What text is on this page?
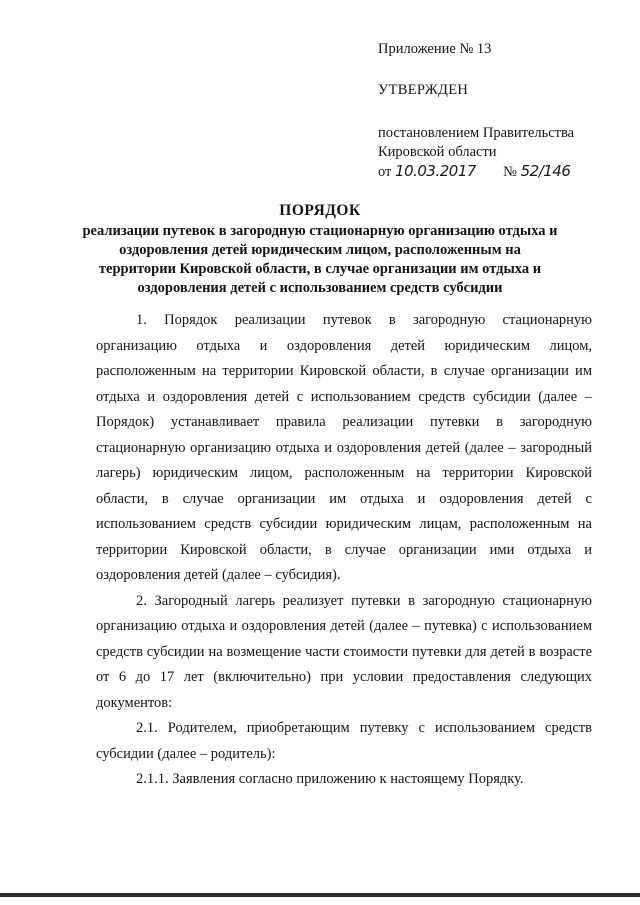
Приложение № 13
УТВЕРЖДЕН
постановлением Правительства
Кировской области
от 10.03.2017 № 52/146
ПОРЯДОК
реализации путевок в загородную стационарную организацию отдыха и оздоровления детей юридическим лицом, расположенным на территории Кировской области, в случае организации им отдыха и оздоровления детей с использованием средств субсидии

1. Порядок реализации путевок в загородную стационарную организацию отдыха и оздоровления детей юридическим лицом, расположенным на территории Кировской области, в случае организации им отдыха и оздоровления детей с использованием средств субсидии (далее – Порядок) устанавливает правила реализации путевки в загородную стационарную организацию отдыха и оздоровления детей (далее – загородный лагерь) юридическим лицом, расположенным на территории Кировской области, в случае организации им отдыха и оздоровления детей с использованием средств субсидии юридическим лицам, расположенным на территории Кировской области, в случае организации ими отдыха и оздоровления детей (далее – субсидия).

2. Загородный лагерь реализует путевки в загородную стационарную организацию отдыха и оздоровления детей (далее – путевка) с использованием средств субсидии на возмещение части стоимости путевки для детей в возрасте от 6 до 17 лет (включительно) при условии предоставления следующих документов:

2.1. Родителем, приобретающим путевку с использованием средств субсидии (далее – родитель):

2.1.1. Заявления согласно приложению к настоящему Порядку.
